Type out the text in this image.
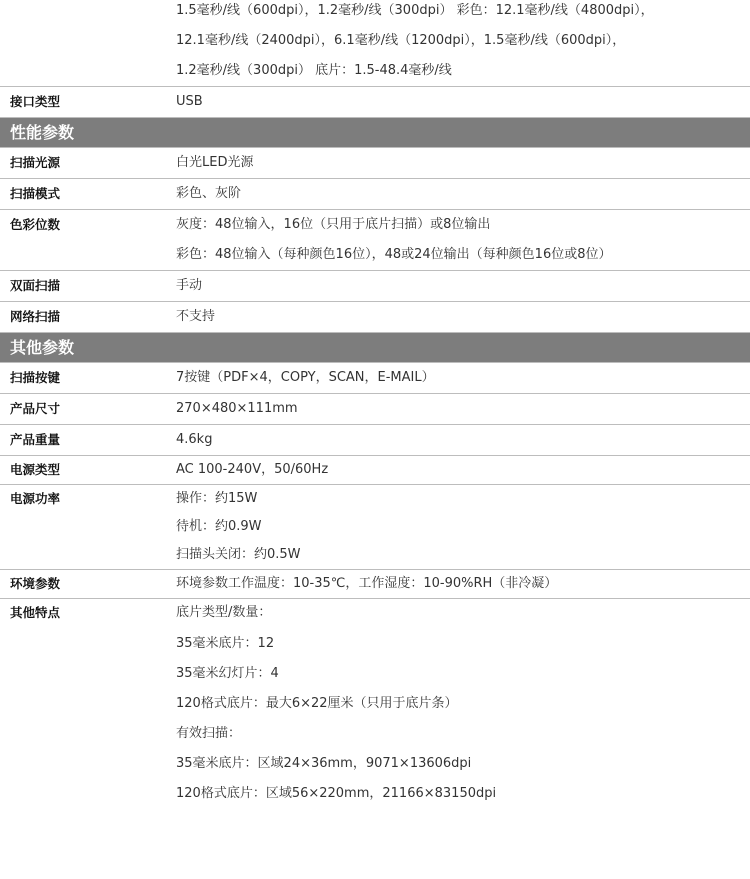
1.5毫秒/线（600dpi），1.2毫秒/线（300dpi） 彩色：12.1毫秒/线（4800dpi），
12.1毫秒/线（2400dpi），6.1毫秒/线（1200dpi），1.5毫秒/线（600dpi），
1.2毫秒/线（300dpi） 底片：1.5-48.4毫秒/线
接口类型	USB
性能参数
扫描光源	白光LED光源
扫描模式	彩色、灰阶
色彩位数	灰度：48位输入，16位（只用于底片扫描）或8位输出
彩色：48位输入（每种颜色16位），48或24位输出（每种颜色16位或8位）
双面扫描	手动
网络扫描	不支持
其他参数
扫描按键	7按键（PDF×4，COPY，SCAN，E-MAIL）
产品尺寸	270×480×111mm
产品重量	4.6kg
电源类型	AC 100-240V，50/60Hz
电源功率	操作：约15W
待机：约0.9W
扫描头关闭：约0.5W
环境参数	环境参数工作温度：10-35℃，工作湿度：10-90%RH（非冷凝）
其他特点	底片类型/数量：
35毫米底片：12
35毫米幻灯片：4
120格式底片：最大6×22厘米（只用于底片条）
有效扫描：
35毫米底片：区域24×36mm，9071×13606dpi
120格式底片：区域56×220mm，21166×83150dpi
